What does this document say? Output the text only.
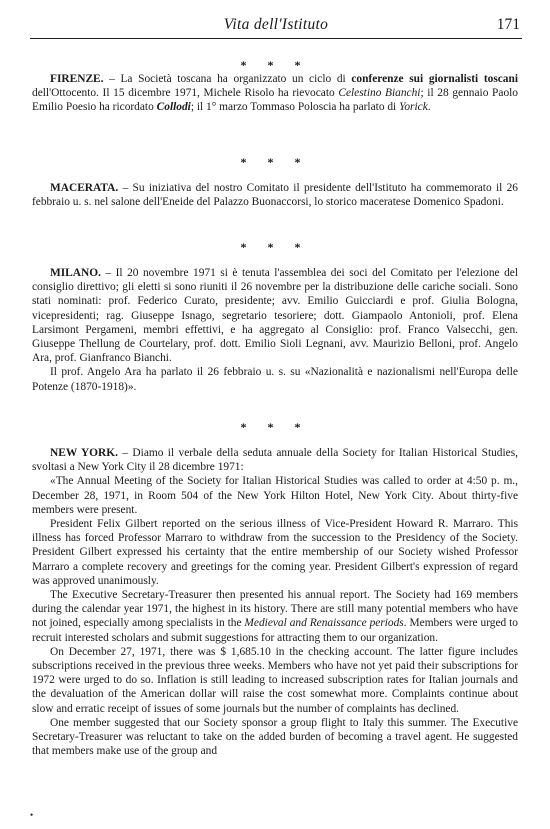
Vita dell'Istituto	171
* * *

FIRENZE. – La Società toscana ha organizzato un ciclo di conferenze sui giornalisti toscani dell'Ottocento. Il 15 dicembre 1971, Michele Risolo ha rievocato Celestino Bianchi; il 28 gennaio Paolo Emilio Poesio ha ricordato Collodi; il 1° marzo Tommaso Poloscia ha parlato di Yorick.

* * *

MACERATA. – Su iniziativa del nostro Comitato il presidente dell'Istituto ha commemorato il 26 febbraio u. s. nel salone dell'Eneide del Palazzo Buonaccorsi, lo storico maceratese Domenico Spadoni.

* * *

MILANO. – Il 20 novembre 1971 si è tenuta l'assemblea dei soci del Comitato per l'elezione del consiglio direttivo; gli eletti si sono riuniti il 26 novembre per la distribuzione delle cariche sociali. Sono stati nominati: prof. Federico Curato, presidente; avv. Emilio Guicciardi e prof. Giulia Bologna, vicepresidenti; rag. Giuseppe Isnago, segretario tesoriere; dott. Giampaolo Antonioli, prof. Elena Larsimont Pergameni, membri effettivi, e ha aggregato al Consiglio: prof. Franco Valsecchi, gen. Giuseppe Thellung de Courtelary, prof. dott. Emilio Sioli Legnani, avv. Maurizio Belloni, prof. Angelo Ara, prof. Gianfranco Bianchi.

Il prof. Angelo Ara ha parlato il 26 febbraio u. s. su «Nazionalità e nazionalismi nell'Europa delle Potenze (1870-1918)».

* * *

NEW YORK. – Diamo il verbale della seduta annuale della Society for Italian Historical Studies, svoltasi a New York City il 28 dicembre 1971:

«The Annual Meeting of the Society for Italian Historical Studies was called to order at 4:50 p. m., December 28, 1971, in Room 504 of the New York Hilton Hotel, New York City. About thirty-five members were present.

President Felix Gilbert reported on the serious illness of Vice-President Howard R. Marraro. This illness has forced Professor Marraro to withdraw from the succession to the Presidency of the Society. President Gilbert expressed his certainty that the entire membership of our Society wished Professor Marraro a complete recovery and greetings for the coming year. President Gilbert's expression of regard was approved unanimously.

The Executive Secretary-Treasurer then presented his annual report. The Society had 169 members during the calendar year 1971, the highest in its history. There are still many potential members who have not joined, especially among specialists in the Medieval and Renaissance periods. Members were urged to recruit interested scholars and submit suggestions for attracting them to our organization.

On December 27, 1971, there was $ 1,685.10 in the checking account. The latter figure includes subscriptions received in the previous three weeks. Members who have not yet paid their subscriptions for 1972 were urged to do so. Inflation is still leading to increased subscription rates for Italian journals and the devaluation of the American dollar will raise the cost somewhat more. Complaints continue about slow and erratic receipt of issues of some journals but the number of complaints has declined.

One member suggested that our Society sponsor a group flight to Italy this summer. The Executive Secretary-Treasurer was reluctant to take on the added burden of becoming a travel agent. He suggested that members make use of the group and

•
